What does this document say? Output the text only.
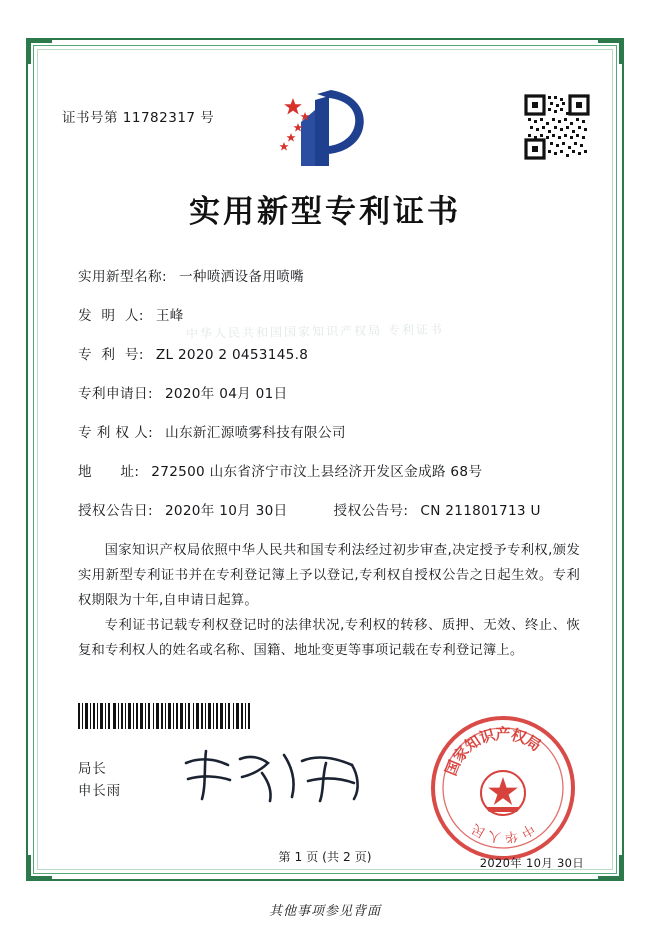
中华人民共和国国家知识产权局 专利证书
证书号第 11782317 号
实用新型专利证书
实用新型名称: 一种喷洒设备用喷嘴
发  明  人: 王峰
专  利  号: ZL 2020 2 0453145.8
专利申请日: 2020年 04月 01日
专 利 权 人: 山东新汇源喷雾科技有限公司
地      址: 272500 山东省济宁市汶上县经济开发区金成路 68号
授权公告日: 2020年 10月 30日	授权公告号: CN 211801713 U

国家知识产权局依照中华人民共和国专利法经过初步审查,决定授予专利权,颁发实用新型专利证书并在专利登记簿上予以登记,专利权自授权公告之日起生效。专利权期限为十年,自申请日起算。

专利证书记载专利权登记时的法律状况,专利权的转移、质押、无效、终止、恢复和专利权人的姓名或名称、国籍、地址变更等事项记载在专利登记簿上。

局长
申长雨
国
家
知
识
产
权
局
中
华
人
民
2020年 10月 30日
第 1 页 (共 2 页)
其他事项参见背面
